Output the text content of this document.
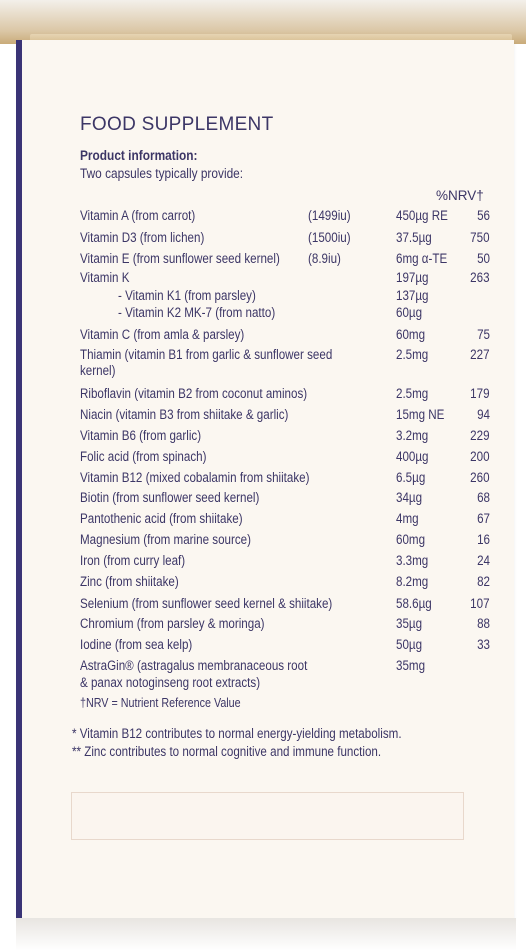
FOOD SUPPLEMENT
Product information:
Two capsules typically provide:
%NRV†
Vitamin A (from carrot)	(1499iu)	450µg RE 56
Vitamin D3 (from lichen)	(1500iu)	37.5µg	750
Vitamin E (from sunflower seed kernel) (8.9iu)	6mg α-TE 50
Vitamin K	197µg	263
- Vitamin K1 (from parsley)	137µg
- Vitamin K2 MK-7 (from natto)	60µg
Vitamin C (from amla & parsley)	60mg	75
Thiamin (vitamin B1 from garlic & sunflower seed	2.5mg	227
kernel)
Riboflavin (vitamin B2 from coconut aminos)	2.5mg	179
Niacin (vitamin B3 from shiitake & garlic)	15mg NE 94
Vitamin B6 (from garlic)	3.2mg	229
Folic acid (from spinach)	400µg	200
Vitamin B12 (mixed cobalamin from shiitake)	6.5µg	260
Biotin (from sunflower seed kernel)	34µg	68
Pantothenic acid (from shiitake)	4mg	67
Magnesium (from marine source)	60mg	16
Iron (from curry leaf)	3.3mg	24
Zinc (from shiitake)	8.2mg	82
Selenium (from sunflower seed kernel & shiitake)	58.6µg	107
Chromium (from parsley & moringa)	35µg	88
Iodine (from sea kelp)	50µg	33
AstraGin® (astragalus membranaceous root	35mg
& panax notoginseng root extracts)
†NRV = Nutrient Reference Value
* Vitamin B12 contributes to normal energy-yielding metabolism.
** Zinc contributes to normal cognitive and immune function.
